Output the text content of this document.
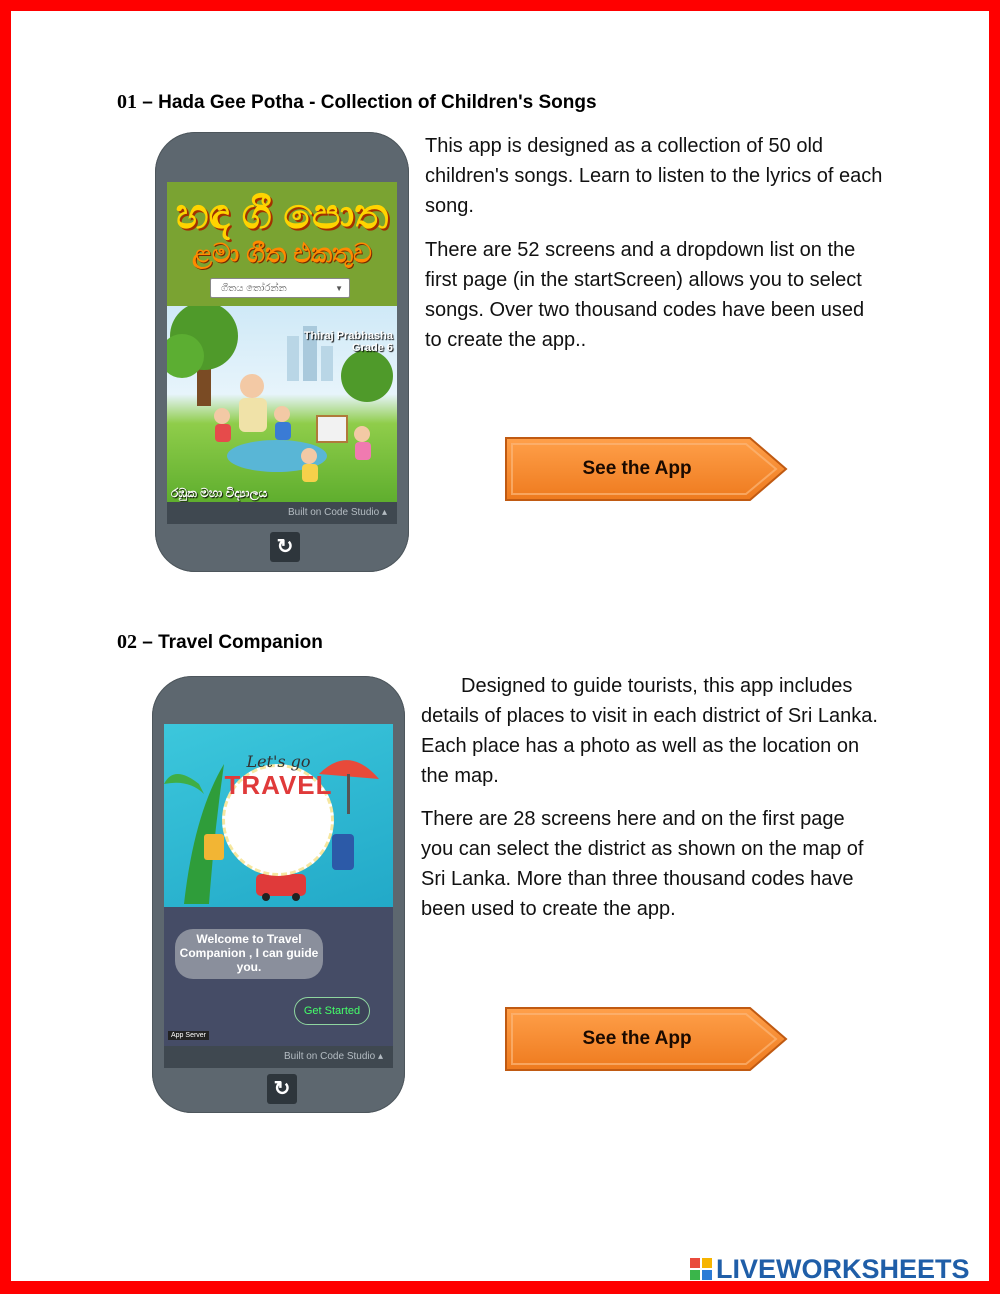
01 – Hada Gee Potha - Collection of Children's Songs
හඳ ගී පොත
ළමා ගීත එකතුව
ගීතය තෝරන්න	▼
Thiraj Prabhasha
Grade 6
රඹුක මහා විද්‍යාලය
Built on Code Studio ▴
↻

This app is designed as a collection of 50 old children's songs. Learn to listen to the lyrics of each song.

There are 52 screens and a dropdown list on the first page (in the startScreen) allows you to select songs. Over two thousand codes have been used to create the app..

See the App
02 – Travel Companion
Let's go
TRAVEL
Welcome to Travel Companion , I can guide you.
Get Started
App Server
Built on Code Studio ▴
↻

Designed to guide tourists, this app includes details of places to visit in each district of Sri Lanka. Each place has a photo as well as the location on the map.

There are 28 screens here and on the first page you can select the district as shown on the map of Sri Lanka. More than three thousand codes have been used to create the app.

See the App
LIVEWORKSHEETS
